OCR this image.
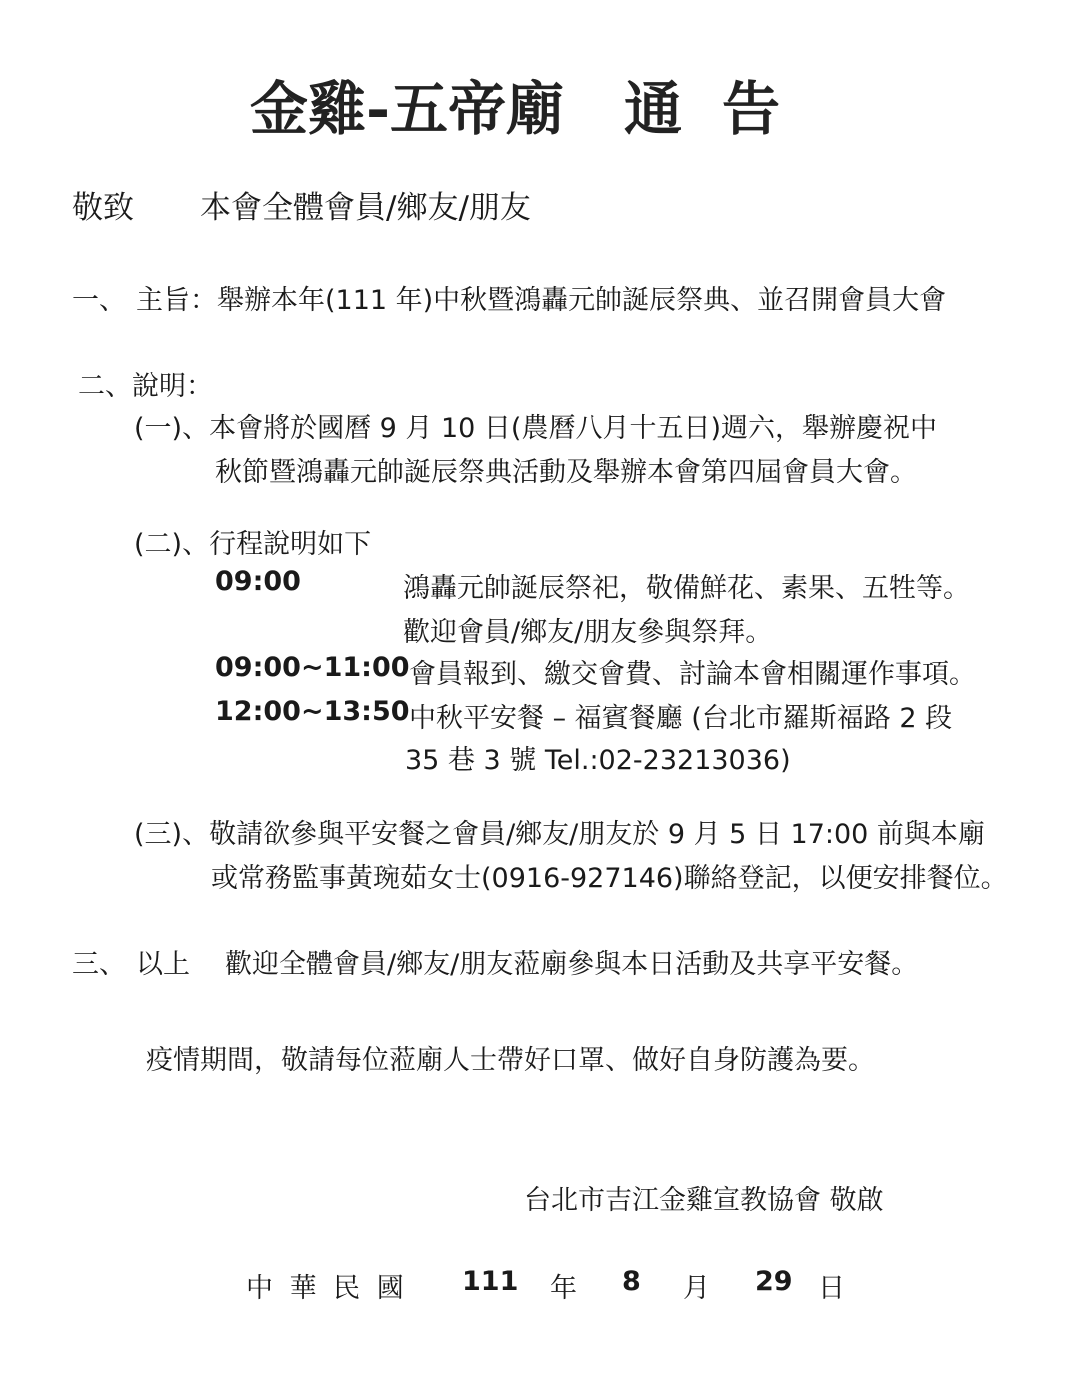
金雞-五帝廟 通告
敬致 本會全體會員/鄉友/朋友
一、 主旨：舉辦本年(111 年)中秋暨鴻轟元帥誕辰祭典、並召開會員大會
二、說明：
(一)、本會將於國曆 9 月 10 日(農曆八月十五日)週六，舉辦慶祝中
秋節暨鴻轟元帥誕辰祭典活動及舉辦本會第四屆會員大會。
(二)、行程說明如下
09:00	鴻轟元帥誕辰祭祀，敬備鮮花、素果、五牲等。
歡迎會員/鄉友/朋友參與祭拜。
09:00~11:00 會員報到、繳交會費、討論本會相關運作事項。
12:00~13:50 中秋平安餐 – 福賓餐廳 (台北市羅斯福路 2 段
35 巷 3 號 Tel.:02-23213036)
(三)、敬請欲參與平安餐之會員/鄉友/朋友於 9 月 5 日 17:00 前與本廟
或常務監事黃琬茹女士(0916-927146)聯絡登記，以便安排餐位。
三、 以上 歡迎全體會員/鄉友/朋友蒞廟參與本日活動及共享平安餐。
疫情期間，敬請每位蒞廟人士帶好口罩、做好自身防護為要。
台北市吉江金雞宣教協會 敬啟
中 華 民 國 111 年 8 月 29 日
